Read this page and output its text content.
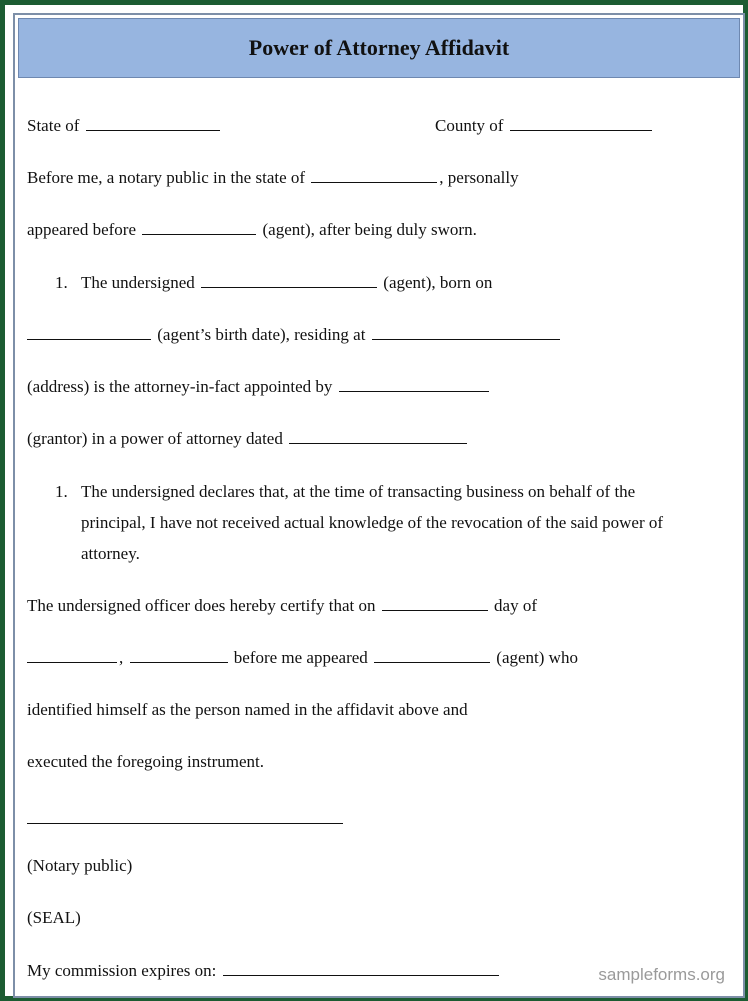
Power of Attorney Affidavit
State of	County of
Before me, a notary public in the state of	, personally
appeared before	(agent), after being duly sworn.
1. The undersigned	(agent), born on
(agent’s birth date), residing at
(address) is the attorney-in-fact appointed by
(grantor) in a power of attorney dated
1. The undersigned declares that, at the time of transacting business on behalf of the
principal, I have not received actual knowledge of the revocation of the said power of
attorney.
The undersigned officer does hereby certify that on	day of
,	before me appeared	(agent) who
identified himself as the person named in the affidavit above and
executed the foregoing instrument.
(Notary public)
(SEAL)
My commission expires on:	sampleforms.org
